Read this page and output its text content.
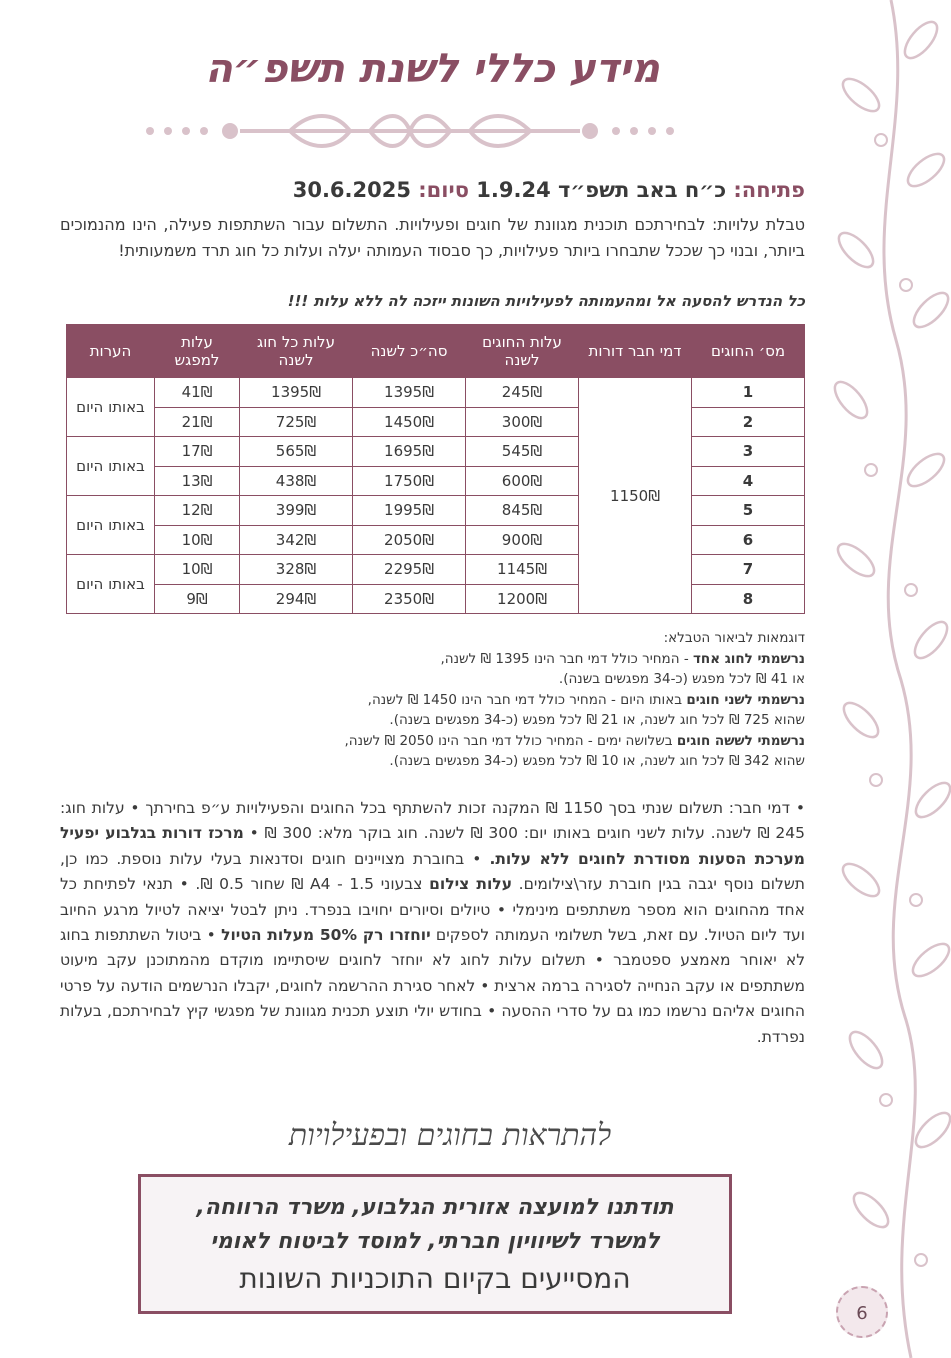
מידע כללי לשנת תשפ״ה
פתיחה: כ״ח באב תשפ״ד 1.9.24 סיום: 30.6.2025

טבלת עלויות: לבחירתכם תוכנית מגוונת של חוגים ופעילויות. התשלום עבור השתתפות פעילה, הינו מהנמוכים ביותר, ובנוי כך שככל שתבחרו ביותר פעילויות, כך סבסוד העמותה יעלה ועלות כל חוג תרד משמעותית!

כל הנדרש להסעה אל ומהעמותה לפעילויות השונות ייזכה לה ללא עלות !!!

מס׳ החוגים	דמי חבר דורות	עלות החוגים לשנה	סה״כ לשנה	עלות כל חוג לשנה	עלות למפגש	הערות
1	1150₪	245₪	1395₪	1395₪	41₪	באותו היום
2		300₪	1450₪	725₪	21₪	
3		545₪	1695₪	565₪	17₪	באותו היום
4		600₪	1750₪	438₪	13₪	
5		845₪	1995₪	399₪	12₪	באותו היום
6		900₪	2050₪	342₪	10₪	
7		1145₪	2295₪	328₪	10₪	באותו היום
8		1200₪	2350₪	294₪	9₪	

דוגמאות לביאור הטבלא:

נרשמתי לחוג אחד - המחיר כולל דמי חבר הינו 1395 ₪ לשנה,

או 41 ₪ לכל מפגש (כ-34 מפגשים בשנה).

נרשמתי לשני חוגים באותו היום - המחיר כולל דמי חבר הינו 1450 ₪ לשנה,

שהוא 725 ₪ לכל חוג לשנה, או 21 ₪ לכל מפגש (כ-34 מפגשים בשנה).

נרשמתי לששה חוגים בשלושה ימים - המחיר כולל דמי חבר הינו 2050 ₪ לשנה,

שהוא 342 ₪ לכל חוג לשנה, או 10 ₪ לכל מפגש (כ-34 מפגשים בשנה).

• דמי חבר: תשלום שנתי בסך 1150 ₪ המקנה זכות להשתתף בכל החוגים והפעילויות ע״פ בחירתך • עלות חוג: 245 ₪ לשנה. עלות לשני חוגים באותו יום: 300 ₪ לשנה. חוג בוקר מלא: 300 ₪ • מרכז דורות בגלבוע יפעיל מערכת הסעות מסודרת לחוגים ללא עלות. • בחוברת מצויינים חוגים וסדנאות בעלי עלות נוספת. כמו כן, תשלום נוסף יגבה בגין חוברת עזר\צילומים. עלות צילום צבעוני A4 - 1.5 ₪ שחור 0.5 ₪. • תנאי לפתיחת כל אחד מהחוגים הוא מספר משתתפים מינימלי • טיולים וסיורים יחויבו בנפרד. ניתן לבטל יציאה לטיול מרגע החיוב ועד ליום הטיול. עם זאת, בשל תשלומי העמותה לספקים יוחזרו רק 50% מעלות הטיול • ביטול השתתפות בחוג לא יאוחר מאמצע ספטמבר • תשלום עלות לחוג לא יוחזר לחוגים שיסתיימו מוקדם מהמתוכנן עקב מיעוט משתתפים או עקב הנחייה לסגירה ברמה ארצית • לאחר סגירת ההרשמה לחוגים, יקבלו הנרשמים הודעה על פרטי החוגים אליהם נרשמו כמו גם על סדרי ההסעה • בחודש יולי תוצע תכנית מגוונת של מפגשי קיץ לבחירתכם, בעלות נפרדת.

להתראות בחוגים ובפעילויות

תודתנו למועצה אזורית הגלבוע, משרד הרווחה,

למשרד לשיוויון חברתי, למוסד לביטוח לאומי

המסייעים בקיום התוכניות השונות

6
